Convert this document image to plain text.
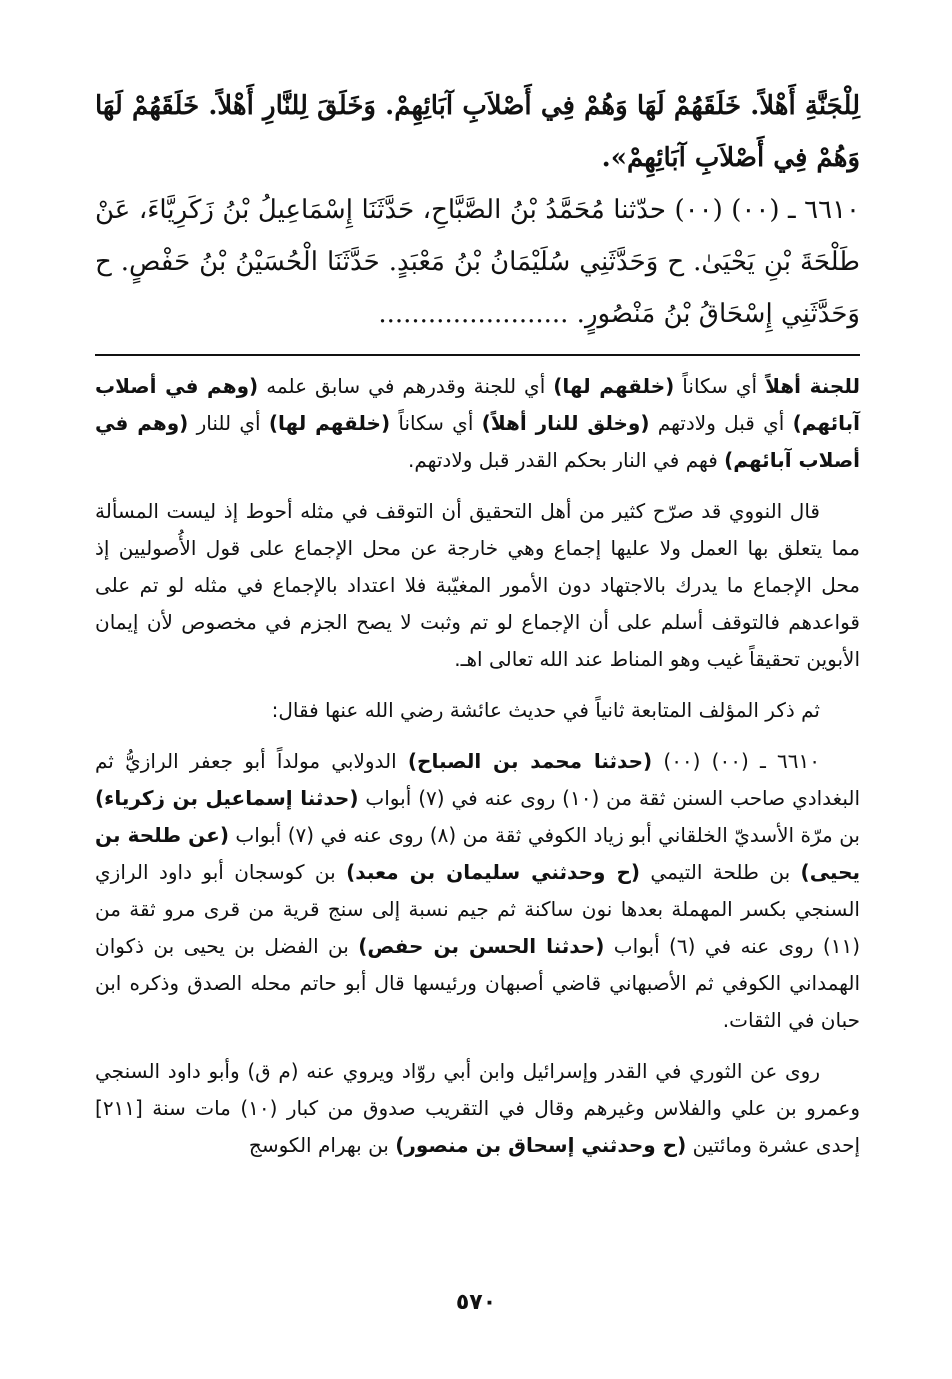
لِلْجَنَّةِ أَهْلاً. خَلَقَهُمْ لَهَا وَهُمْ فِي أَصْلاَبِ آبَائِهِمْ. وَخَلَقَ لِلنَّارِ أَهْلاً. خَلَقَهُمْ لَهَا وَهُمْ فِي أَصْلاَبِ آبَائِهِمْ».

٦٦١٠ ـ (٠٠) (٠٠) حدّثنا مُحَمَّدُ بْنُ الصَّبَّاحِ، حَدَّثَنَا إِسْمَاعِيلُ بْنُ زَكَرِيَّاءَ، عَنْ طَلْحَةَ بْنِ يَحْيَىٰ. ح وَحَدَّثَنِي سُلَيْمَانُ بْنُ مَعْبَدٍ. حَدَّثَنَا الْحُسَيْنُ بْنُ حَفْصٍ. ح وَحَدَّثَنِي إِسْحَاقُ بْنُ مَنْصُورٍ. .......................

للجنة أهلاً أي سكاناً (خلقهم لها) أي للجنة وقدرهم في سابق علمه (وهم في أصلاب آبائهم) أي قبل ولادتهم (وخلق للنار أهلاً) أي سكاناً (خلقهم لها) أي للنار (وهم في أصلاب آبائهم) فهم في النار بحكم القدر قبل ولادتهم.

قال النووي قد صرّح كثير من أهل التحقيق أن التوقف في مثله أحوط إذ ليست المسألة مما يتعلق بها العمل ولا عليها إجماع وهي خارجة عن محل الإجماع على قول الأُصوليين إذ محل الإجماع ما يدرك بالاجتهاد دون الأمور المغيّبة فلا اعتداد بالإجماع في مثله لو تم على قواعدهم فالتوقف أسلم على أن الإجماع لو تم وثبت لا يصح الجزم في مخصوص لأن إيمان الأبوين تحقيقاً غيب وهو المناط عند الله تعالى اهـ.

ثم ذكر المؤلف المتابعة ثانياً في حديث عائشة رضي الله عنها فقال:

٦٦١٠ ـ (٠٠) (٠٠) (حدثنا محمد بن الصباح) الدولابي مولداً أبو جعفر الرازيُّ ثم البغدادي صاحب السنن ثقة من (١٠) روى عنه في (٧) أبواب (حدثنا إسماعيل بن زكرياء) بن مرّة الأسديّ الخلقاني أبو زياد الكوفي ثقة من (٨) روى عنه في (٧) أبواب (عن طلحة بن يحيى) بن طلحة التيمي (ح وحدثني سليمان بن معبد) بن كوسجان أبو داود الرازي السنجي بكسر المهملة بعدها نون ساكنة ثم جيم نسبة إلى سنج قرية من قرى مرو ثقة من (١١) روى عنه في (٦) أبواب (حدثنا الحسن بن حفص) بن الفضل بن يحيى بن ذكوان الهمداني الكوفي ثم الأصبهاني قاضي أصبهان ورئيسها قال أبو حاتم محله الصدق وذكره ابن حبان في الثقات.

روى عن الثوري في القدر وإسرائيل وابن أبي روّاد ويروي عنه (م ق) وأبو داود السنجي وعمرو بن علي والفلاس وغيرهم وقال في التقريب صدوق من كبار (١٠) مات سنة [٢١١] إحدى عشرة ومائتين (ح وحدثني إسحاق بن منصور) بن بهرام الكوسج

٥٧٠
